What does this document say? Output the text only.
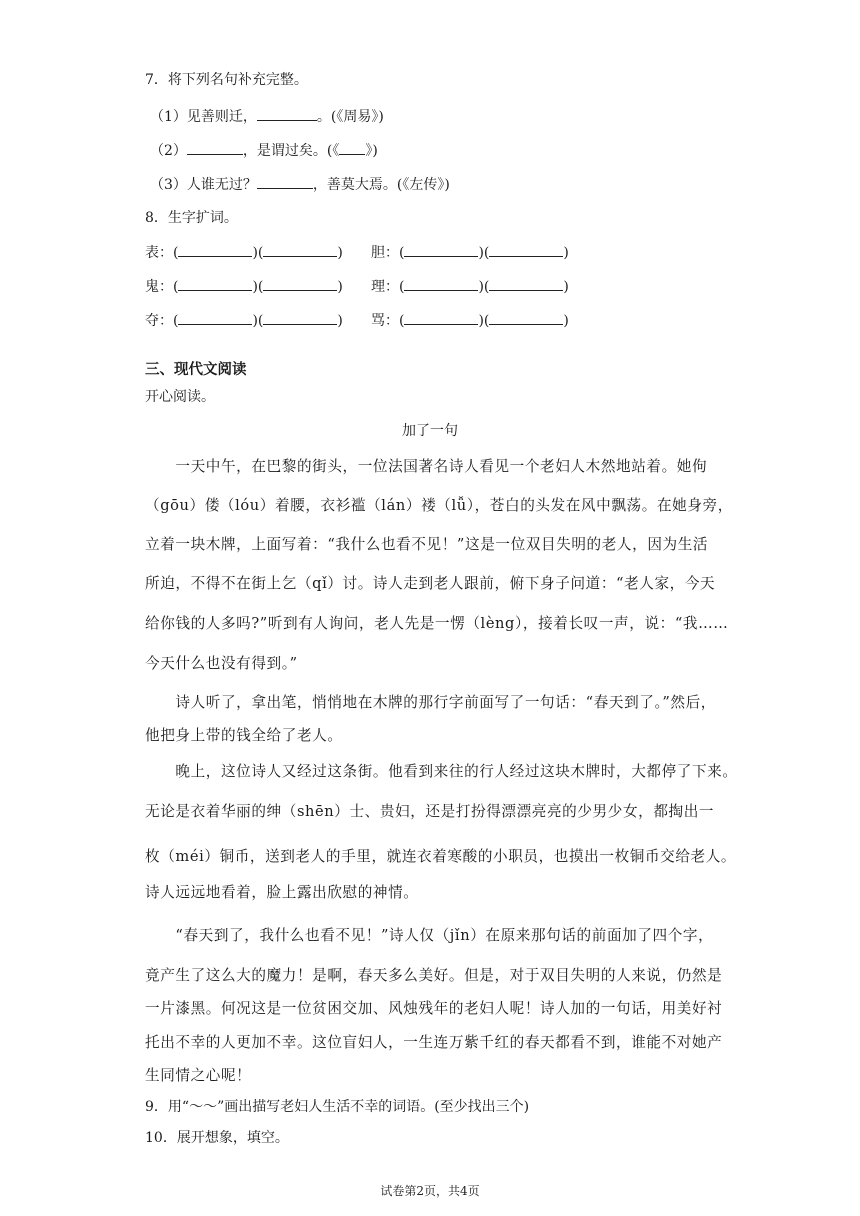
7．将下列名句补充完整。
（1）见善则迁，	。(《周易》)
（2）	，是谓过矣。(《 》)
（3）人谁无过？	，善莫大焉。(《左传》)
8．生字扩词。
表：(	)(	) 胆：(	)(	)
鬼：(	)(	) 理：(	)(	)
夺：(	)(	) 骂：(	)(	)
三、现代文阅读
开心阅读。
加了一句
　　一天中午，在巴黎的街头，一位法国著名诗人看见一个老妇人木然地站着。她佝
（gōu）偻（lóu）着腰，衣衫褴（lán）褛（lǚ），苍白的头发在风中飘荡。在她身旁，
立着一块木牌，上面写着：“我什么也看不见！”这是一位双目失明的老人，因为生活
所迫，不得不在街上乞（qǐ）讨。诗人走到老人跟前，俯下身子问道：“老人家，今天
给你钱的人多吗?”听到有人询问，老人先是一愣（lèng），接着长叹一声，说：“我……
今天什么也没有得到。”
　　诗人听了，拿出笔，悄悄地在木牌的那行字前面写了一句话：“春天到了。”然后，
他把身上带的钱全给了老人。
　　晚上，这位诗人又经过这条街。他看到来往的行人经过这块木牌时，大都停了下来。
无论是衣着华丽的绅（shēn）士、贵妇，还是打扮得漂漂亮亮的少男少女，都掏出一
枚（méi）铜币，送到老人的手里，就连衣着寒酸的小职员，也摸出一枚铜币交给老人。
诗人远远地看着，脸上露出欣慰的神情。
　　“春天到了，我什么也看不见！”诗人仅（jǐn）在原来那句话的前面加了四个字，
竟产生了这么大的魔力！是啊，春天多么美好。但是，对于双目失明的人来说，仍然是
一片漆黑。何况这是一位贫困交加、风烛残年的老妇人呢！诗人加的一句话，用美好衬
托出不幸的人更加不幸。这位盲妇人，一生连万紫千红的春天都看不到，谁能不对她产
生同情之心呢！
9．用“～～”画出描写老妇人生活不幸的词语。(至少找出三个)
10．展开想象，填空。
试卷第2页，共4页
